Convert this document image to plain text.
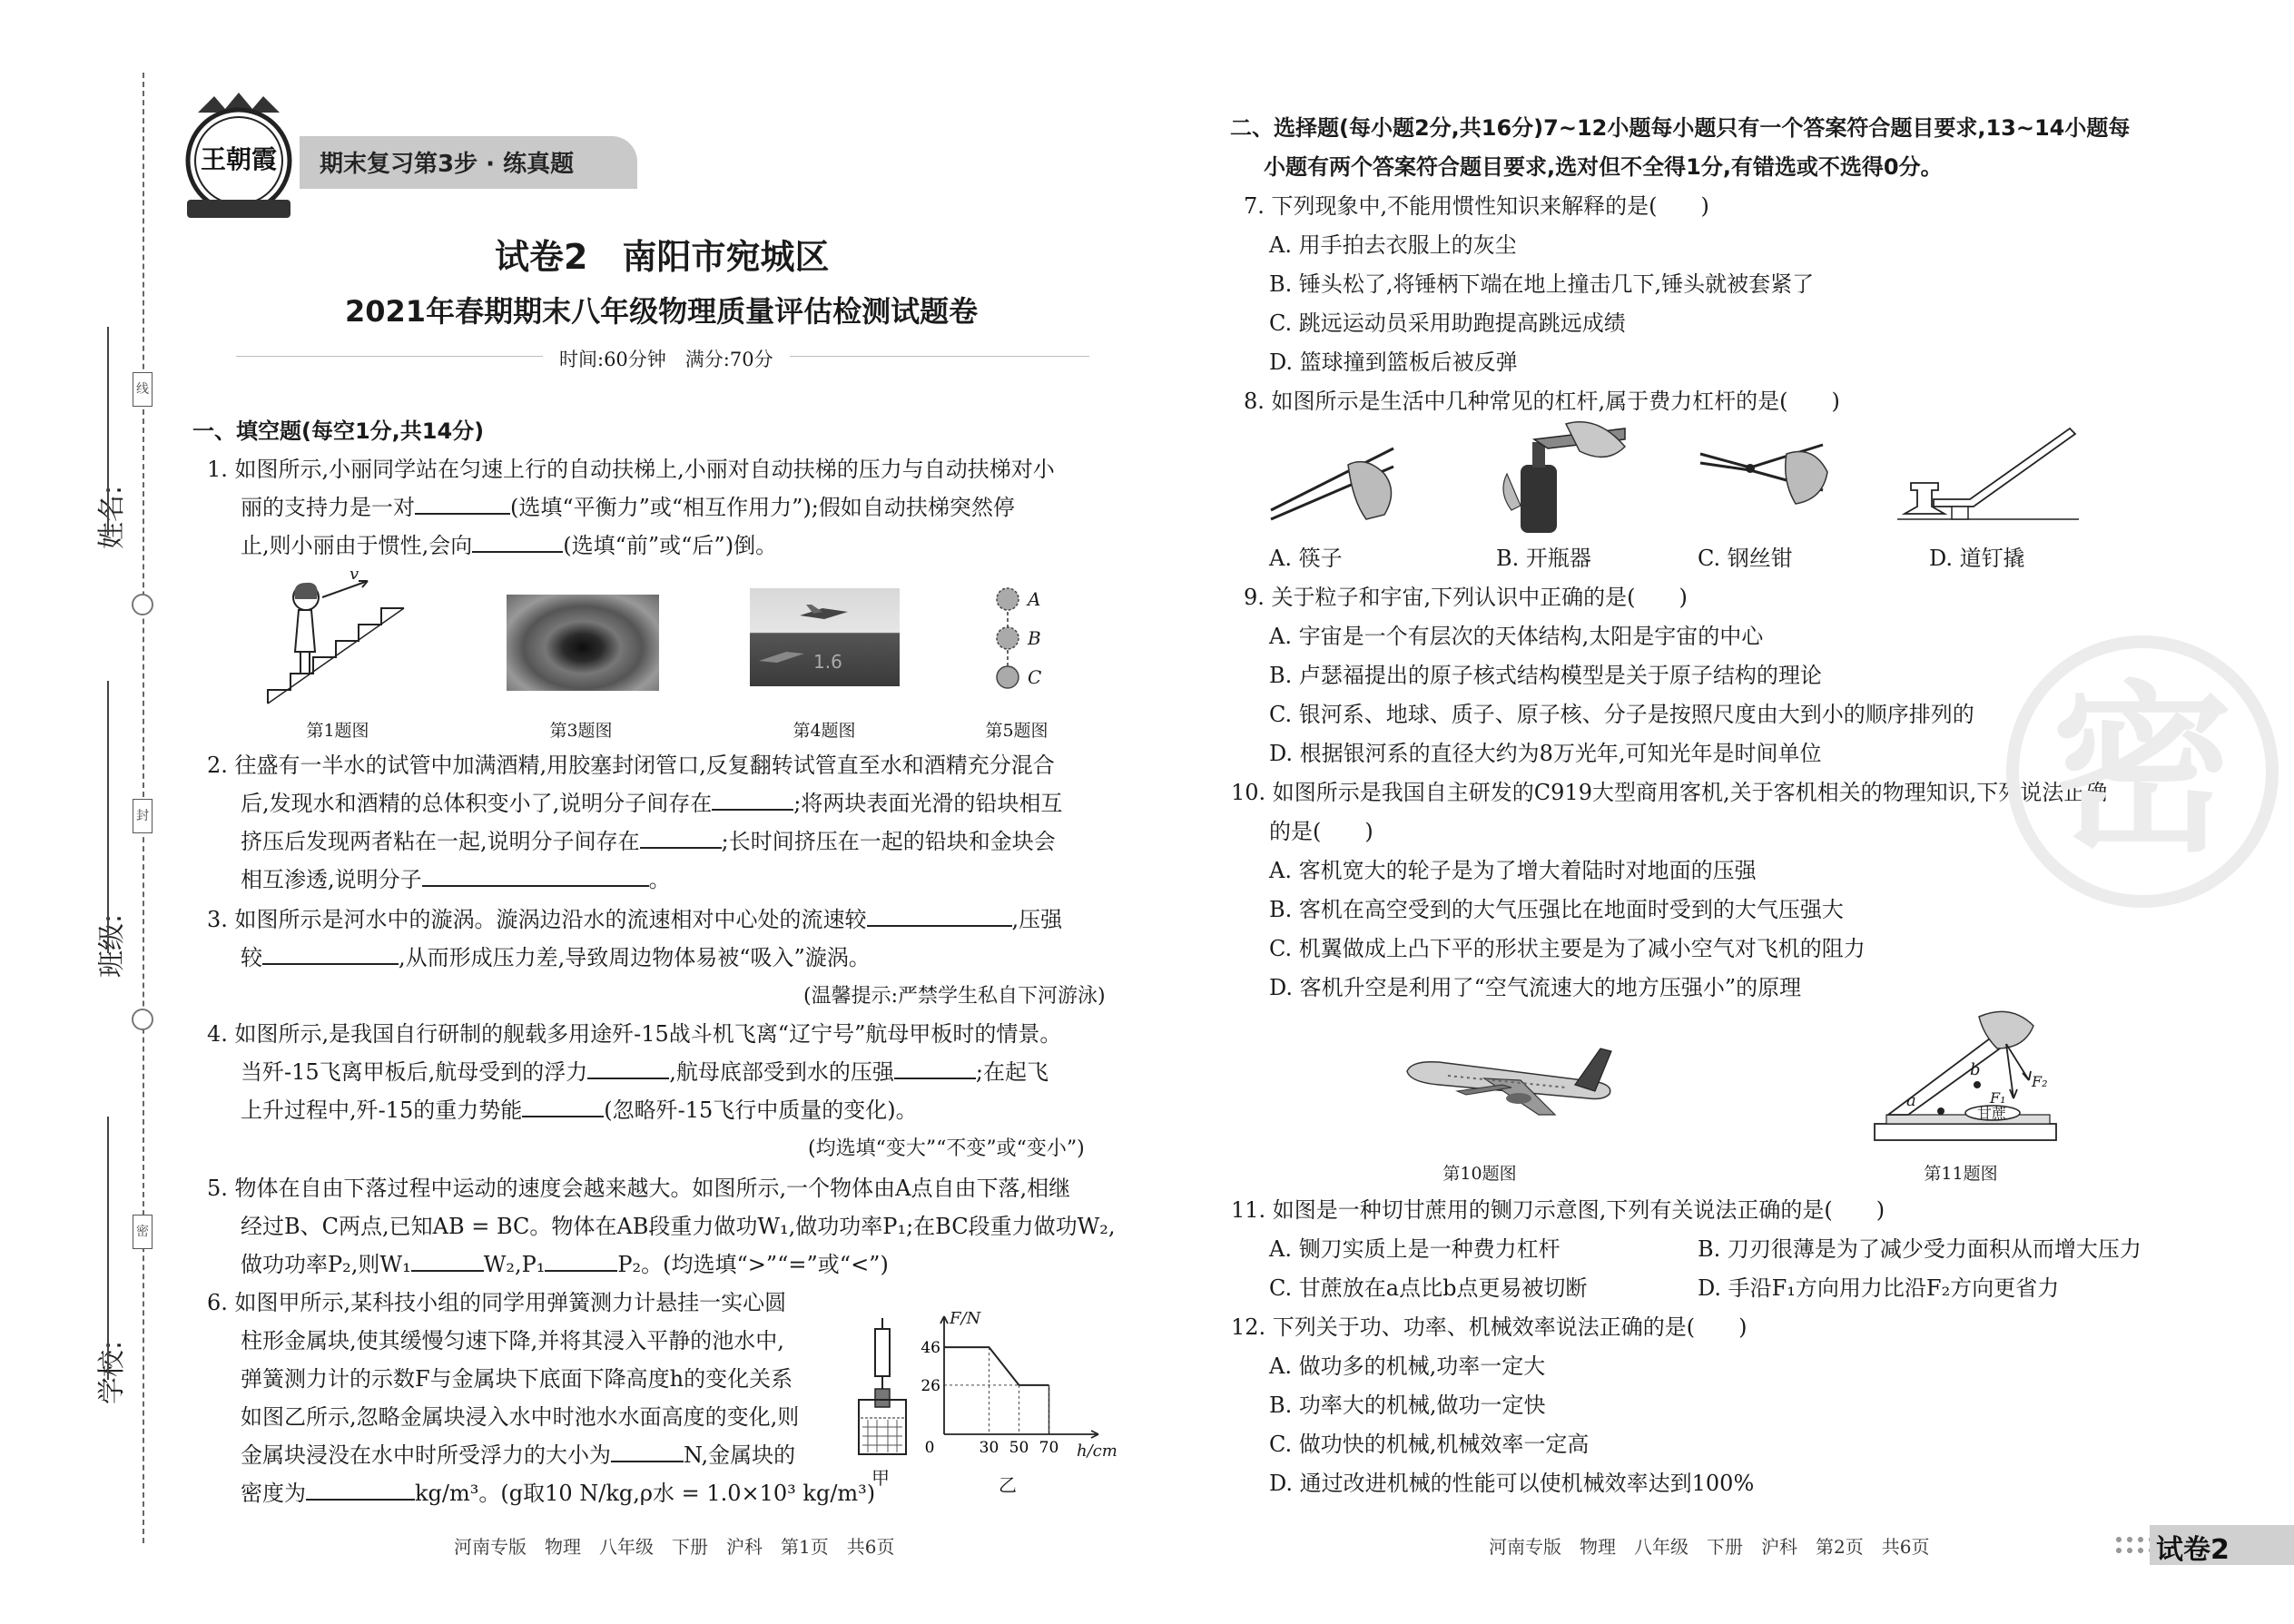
线
封
密
姓名:
班级:
学校:
王朝霞 期末复习第3步 · 练真题
试卷2　南阳市宛城区
2021年春期期末八年级物理质量评估检测试题卷
时间:60分钟　满分:70分
一、填空题(每空1分,共14分)
1. 如图所示,小丽同学站在匀速上行的自动扶梯上,小丽对自动扶梯的压力与自动扶梯对小
丽的支持力是一对	(选填“平衡力”或“相互作用力”);假如自动扶梯突然停
止,则小丽由于惯性,会向	(选填“前”或“后”)倒。
v
1.6
A
B
C
第1题图	第3题图	第4题图	第5题图
2. 往盛有一半水的试管中加满酒精,用胶塞封闭管口,反复翻转试管直至水和酒精充分混合
后,发现水和酒精的总体积变小了,说明分子间存在	;将两块表面光滑的铅块相互
挤压后发现两者粘在一起,说明分子间存在	;长时间挤压在一起的铅块和金块会
相互渗透,说明分子	。
3. 如图所示是河水中的漩涡。漩涡边沿水的流速相对中心处的流速较	,压强
较	,从而形成压力差,导致周边物体易被“吸入”漩涡。
(温馨提示:严禁学生私自下河游泳)
4. 如图所示,是我国自行研制的舰载多用途歼-15战斗机飞离“辽宁号”航母甲板时的情景。
当歼-15飞离甲板后,航母受到的浮力	,航母底部受到水的压强	;在起飞
上升过程中,歼-15的重力势能	(忽略歼-15飞行中质量的变化)。
(均选填“变大”“不变”或“变小”)
5. 物体在自由下落过程中运动的速度会越来越大。如图所示,一个物体由A点自由下落,相继
经过B、C两点,已知AB = BC。物体在AB段重力做功W₁,做功功率P₁;在BC段重力做功W₂,
做功功率P₂,则W₁	W₂,P₁	P₂。(均选填“>”“=”或“<”)
6. 如图甲所示,某科技小组的同学用弹簧测力计悬挂一实心圆
柱形金属块,使其缓慢匀速下降,并将其浸入平静的池水中,
弹簧测力计的示数F与金属块下底面下降高度h的变化关系
如图乙所示,忽略金属块浸入水中时池水水面高度的变化,则
金属块浸没在水中时所受浮力的大小为	N,金属块的
密度为	kg/m³。(g取10 N/kg,ρ水 = 1.0×10³ kg/m³)
甲
0	30 50 70
26
46
F/N
h/cm
乙
河南专版　物理　八年级　下册　沪科　第1页　共6页
二、选择题(每小题2分,共16分)7~12小题每小题只有一个答案符合题目要求,13~14小题每
小题有两个答案符合题目要求,选对但不全得1分,有错选或不选得0分。
7. 下列现象中,不能用惯性知识来解释的是(　　)
A. 用手拍去衣服上的灰尘
B. 锤头松了,将锤柄下端在地上撞击几下,锤头就被套紧了
C. 跳远运动员采用助跑提高跳远成绩
D. 篮球撞到篮板后被反弹
8. 如图所示是生活中几种常见的杠杆,属于费力杠杆的是(　　)
A. 筷子	B. 开瓶器	C. 钢丝钳	D. 道钉撬
9. 关于粒子和宇宙,下列认识中正确的是(　　)
A. 宇宙是一个有层次的天体结构,太阳是宇宙的中心
B. 卢瑟福提出的原子核式结构模型是关于原子结构的理论
C. 银河系、地球、质子、原子核、分子是按照尺度由大到小的顺序排列的
D. 根据银河系的直径大约为8万光年,可知光年是时间单位
10. 如图所示是我国自主研发的C919大型商用客机,关于客机相关的物理知识,下列说法正确
的是(　　)
A. 客机宽大的轮子是为了增大着陆时对地面的压强
B. 客机在高空受到的大气压强比在地面时受到的大气压强大
C. 机翼做成上凸下平的形状主要是为了减小空气对飞机的阻力
D. 客机升空是利用了“空气流速大的地方压强小”的原理
a
b
F₁
F₂
甘蔗
第10题图	第11题图
11. 如图是一种切甘蔗用的铡刀示意图,下列有关说法正确的是(　　)
A. 铡刀实质上是一种费力杠杆	B. 刀刃很薄是为了减少受力面积从而增大压力
C. 甘蔗放在a点比b点更易被切断	D. 手沿F₁方向用力比沿F₂方向更省力
12. 下列关于功、功率、机械效率说法正确的是(　　)
A. 做功多的机械,功率一定大
B. 功率大的机械,做功一定快
C. 做功快的机械,机械效率一定高
D. 通过改进机械的性能可以使机械效率达到100%
密
河南专版　物理　八年级　下册　沪科　第2页　共6页	试卷2
